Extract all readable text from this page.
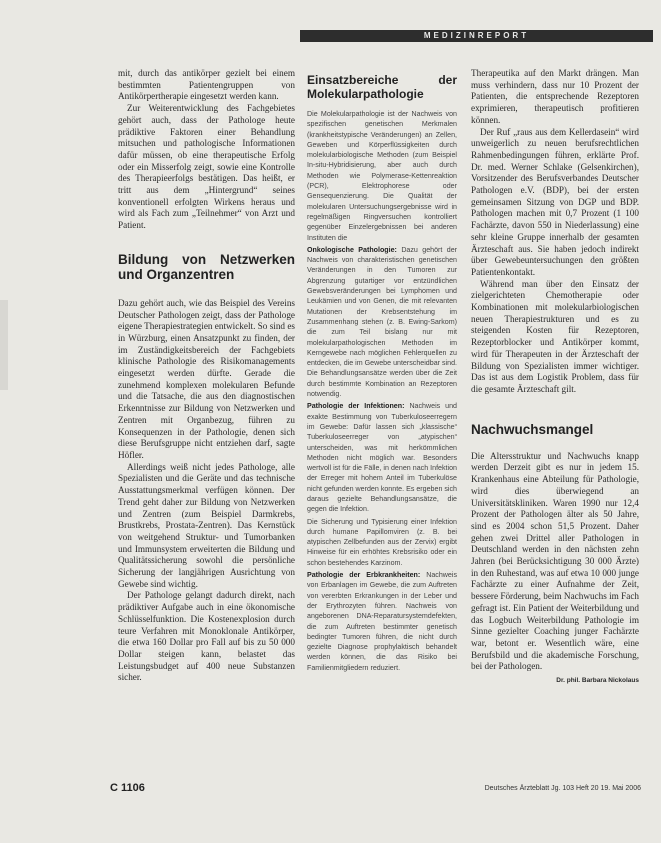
MEDIZINREPORT

mit, durch das antikörper gezielt bei einem bestimmten Patientengruppen von Antikörpertherapie eingesetzt werden kann.

Zur Weiterentwicklung des Fachgebietes gehört auch, dass der Pathologe heute prädiktive Faktoren einer Behandlung mitsuchen und pathologische Informationen dafür müssen, ob eine therapeutische Erfolg oder ein Misserfolg zeigt, sowie eine Kontrolle des Therapieerfolgs bestätigen. Das heißt, er tritt aus dem „Hintergrund“ seines konventionell erfolgten Wirkens heraus und wird als Fach zum „Teilnehmer“ von Arzt und Patient.

Bildung von Netzwerken und Organzentren

Dazu gehört auch, wie das Beispiel des Vereins Deutscher Pathologen zeigt, dass der Pathologe eigene Therapiestrategien entwickelt. So sind es in Würzburg, einen Ansatzpunkt zu finden, der im Zuständigkeitsbereich der Fachgebiets klinische Pathologie des Risikomanagements eingesetzt werden dürfte. Gerade die zunehmend komplexen molekularen Befunde und die Tatsache, die aus den diagnostischen Erkenntnisse zur Bildung von Netzwerken und Zentren mit Organbezug, führen zu Konsequenzen in der Pathologie, denen sich diese Berufsgruppe nicht entziehen darf, sagte Höfler.

Allerdings weiß nicht jedes Pathologe, alle Spezialisten und die Geräte und das technische Ausstattungsmerkmal verfügen können. Der Trend geht daher zur Bildung von Netzwerken und Zentren (zum Beispiel Darmkrebs, Brustkrebs, Prostata-Zentren). Das Kernstück von weitgehend Struktur- und Tumorbanken und Immunsystem erweiterten die Bildung und Qualitätssicherung sowohl die persönliche Sicherung der langjährigen Ausrichtung von Gewebe sind wichtig.

Der Pathologe gelangt dadurch direkt, nach prädiktiver Aufgabe auch in eine ökonomische Schlüsselfunktion. Die Kostenexplosion durch teure Verfahren mit Monoklonale Antikörper, die etwa 160 Dollar pro Fall auf bis zu 50 000 Dollar steigen kann, belastet das Leistungsbudget auf 400 neue Substanzen sicher.

Einsatzbereiche der Molekularpathologie

Die Molekularpathologie ist der Nachweis von spezifischen genetischen Merkmalen (krankheitstypische Veränderungen) an Zellen, Geweben und Körperflüssigkeiten durch molekularbiologische Methoden (zum Beispiel In-situ-Hybridisierung, aber auch durch Methoden wie Polymerase-Kettenreaktion (PCR), Elektrophorese oder Gensequenzierung. Die Qualität der molekularen Untersuchungsergebnisse wird in regelmäßigen Ringversuchen kontrolliert gegenüber Einzelergebnissen bei anderen Instituten die

Onkologische Pathologie: Dazu gehört der Nachweis von charakteristischen genetischen Veränderungen in den Tumoren zur Abgrenzung gutartiger vor entzündlichen Gewebsveränderungen bei Lymphomen und Leukämien und von Genen, die mit relevanten Mutationen der Krebsentstehung im Zusammenhang stehen (z. B. Ewing-Sarkom) die zum Teil bislang nur mit molekularpathologischen Methoden im Kerngewebe nach möglichen Fehlerquellen zu entdecken, die im Gewebe unterscheidbar sind. Die Behandlungsansätze werden über die Zeit durch bestimmte Kombination an Rezeptoren notwendig.

Pathologie der Infektionen: Nachweis und exakte Bestimmung von Tuberkuloseerregern im Gewebe: Dafür lassen sich „klassische“ Tuberkuloseerreger von „atypischen“ unterscheiden, was mit herkömmlichen Methoden nicht möglich war. Besonders wertvoll ist für die Fälle, in denen nach Infektion der Erreger mit hohem Anteil im Tuberkulöse nicht gefunden werden konnte. Es ergeben sich daraus gezielte Behandlungsansätze, die gegen die Infektion.

Die Sicherung und Typisierung einer Infektion durch humane Papillomviren (z. B. bei atypischen Zellbefunden aus der Zervix) ergibt Hinweise für ein erhöhtes Krebsrisiko oder ein schon bestehendes Karzinom.

Pathologie der Erbkrankheiten: Nachweis von Erbanlagen im Gewebe, die zum Auftreten von vererbten Erkrankungen in der Leber und der Erythrozyten führen. Nachweis von angeborenen DNA-Reparatursystemdefekten, die zum Auftreten bestimmter genetisch bedingter Tumoren führen, die nicht durch gezielte Diagnose prophylaktisch behandelt werden können, die das Risiko bei Familienmitgliedern reduziert.

Therapeutika auf den Markt drängen. Man muss verhindern, dass nur 10 Prozent der Patienten, die entsprechende Rezeptoren exprimieren, therapeutisch profitieren können.

Der Ruf „raus aus dem Kellerdasein“ wird unweigerlich zu neuen berufsrechtlichen Rahmenbedingungen führen, erklärte Prof. Dr. med. Werner Schlake (Gelsenkirchen), Vorsitzender des Berufsverbandes Deutscher Pathologen e.V. (BDP), bei der ersten gemeinsamen Sitzung von DGP und BDP. Pathologen machen mit 0,7 Prozent (1 100 Fachärzte, davon 550 in Niederlassung) eine sehr kleine Gruppe innerhalb der gesamten Ärzteschaft aus. Sie haben jedoch indirekt über Gewebeuntersuchungen den größten Patientenkontakt.

Während man über den Einsatz der zielgerichteten Chemotherapie oder Kombinationen mit molekularbiologischen neuen Therapiestrukturen und es zu steigenden Kosten für Rezeptoren, Rezeptorblocker und Antikörper kommt, wird für Therapeuten in der Ärzteschaft der Bildung von Spezialisten immer wichtiger. Das ist aus dem Logistik Problem, dass für die gesamte Ärzteschaft gilt.

Nachwuchsmangel

Die Altersstruktur und Nachwuchs knapp werden Derzeit gibt es nur in jedem 15. Krankenhaus eine Abteilung für Pathologie, wird dies überwiegend an Universitätskliniken. Waren 1990 nur 12,4 Prozent der Pathologen älter als 50 Jahre, sind es 2004 schon 51,5 Prozent. Daher gehen zwei Drittel aller Pathologen in Deutschland werden in den nächsten zehn Jahren (bei Berücksichtigung 30 000 Ärzte) in den Ruhestand, was auf etwa 10 000 junge Fachärzte zu einer Aufnahme der Zeit, bessere Förderung, beim Nachwuchs im Fach gefragt ist. Ein Patient der Weiterbildung und das Logbuch Weiterbildung Pathologie im Sinne gezielter Coaching junger Fachärzte war, betont er. Wesentlich wäre, eine Berufsbild und die akademische Forschung, bei der Pathologen.

Dr. phil. Barbara Nickolaus
C 1106	Deutsches Ärzteblatt Jg. 103 Heft 20 19. Mai 2006
